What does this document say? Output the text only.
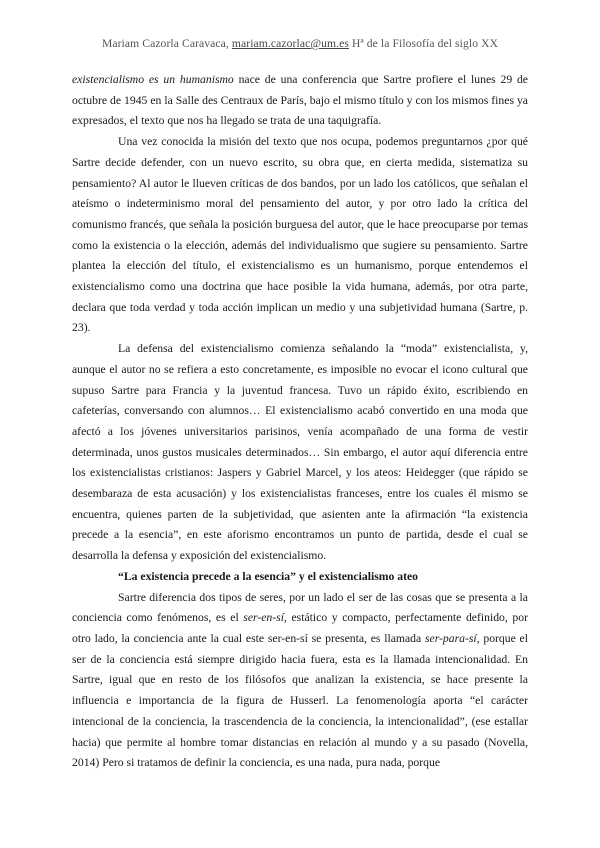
Mariam Cazorla Caravaca, mariam.cazorlac@um.es Hª de la Filosofía del siglo XX

existencialismo es un humanismo nace de una conferencia que Sartre profiere el lunes 29 de octubre de 1945 en la Salle des Centraux de París, bajo el mismo título y con los mismos fines ya expresados, el texto que nos ha llegado se trata de una taquigrafía.

Una vez conocida la misión del texto que nos ocupa, podemos preguntarnos ¿por qué Sartre decide defender, con un nuevo escrito, su obra que, en cierta medida, sistematiza su pensamiento? Al autor le llueven críticas de dos bandos, por un lado los católicos, que señalan el ateísmo o indeterminismo moral del pensamiento del autor, y por otro lado la crítica del comunismo francés, que señala la posición burguesa del autor, que le hace preocuparse por temas como la existencia o la elección, además del individualismo que sugiere su pensamiento. Sartre plantea la elección del título, el existencialismo es un humanismo, porque entendemos el existencialismo como una doctrina que hace posible la vida humana, además, por otra parte, declara que toda verdad y toda acción implican un medio y una subjetividad humana (Sartre, p. 23).

La defensa del existencialismo comienza señalando la “moda” existencialista, y, aunque el autor no se refiera a esto concretamente, es imposible no evocar el icono cultural que supuso Sartre para Francia y la juventud francesa. Tuvo un rápido éxito, escribiendo en cafeterías, conversando con alumnos… El existencialismo acabó convertido en una moda que afectó a los jóvenes universitarios parisinos, venía acompañado de una forma de vestir determinada, unos gustos musicales determinados… Sin embargo, el autor aquí diferencia entre los existencialistas cristianos: Jaspers y Gabriel Marcel, y los ateos: Heidegger (que rápido se desembaraza de esta acusación) y los existencialistas franceses, entre los cuales él mismo se encuentra, quienes parten de la subjetividad, que asienten ante la afirmación “la existencia precede a la esencia”, en este aforismo encontramos un punto de partida, desde el cual se desarrolla la defensa y exposición del existencialismo.

“La existencia precede a la esencia” y el existencialismo ateo

Sartre diferencia dos tipos de seres, por un lado el ser de las cosas que se presenta a la conciencia como fenómenos, es el ser-en-sí, estático y compacto, perfectamente definido, por otro lado, la conciencia ante la cual este ser-en-sí se presenta, es llamada ser-para-sí, porque el ser de la conciencia está siempre dirigido hacia fuera, esta es la llamada intencionalidad. En Sartre, igual que en resto de los filósofos que analizan la existencia, se hace presente la influencia e importancia de la figura de Husserl. La fenomenología aporta “el carácter intencional de la conciencia, la trascendencia de la conciencia, la intencionalidad”, (ese estallar hacia) que permite al hombre tomar distancias en relación al mundo y a su pasado (Novella, 2014) Pero si tratamos de definir la conciencia, es una nada, pura nada, porque
